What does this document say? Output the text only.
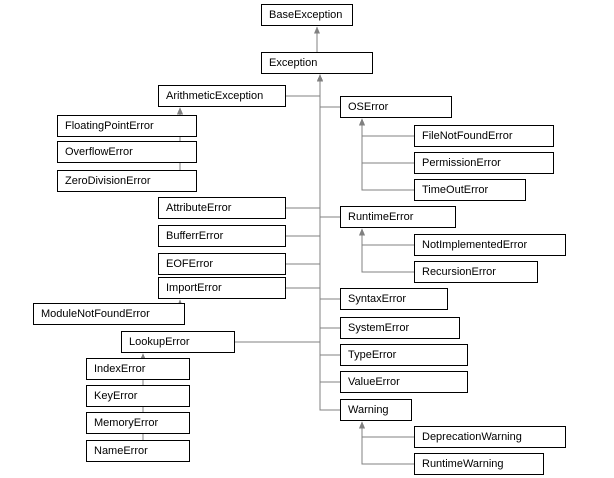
BaseException
Exception
ArithmeticException
OSError
FloatingPointError
FileNotFoundError
OverflowError
PermissionError
ZeroDivisionError
TimeOutError
AttributeError
RuntimeError
BufferrError
NotImplementedError
EOFError
RecursionError
ImportError
SyntaxError
ModuleNotFoundError
SystemError
LookupError
TypeError
IndexError
ValueError
KeyError
Warning
MemoryError
DeprecationWarning
NameError
RuntimeWarning
